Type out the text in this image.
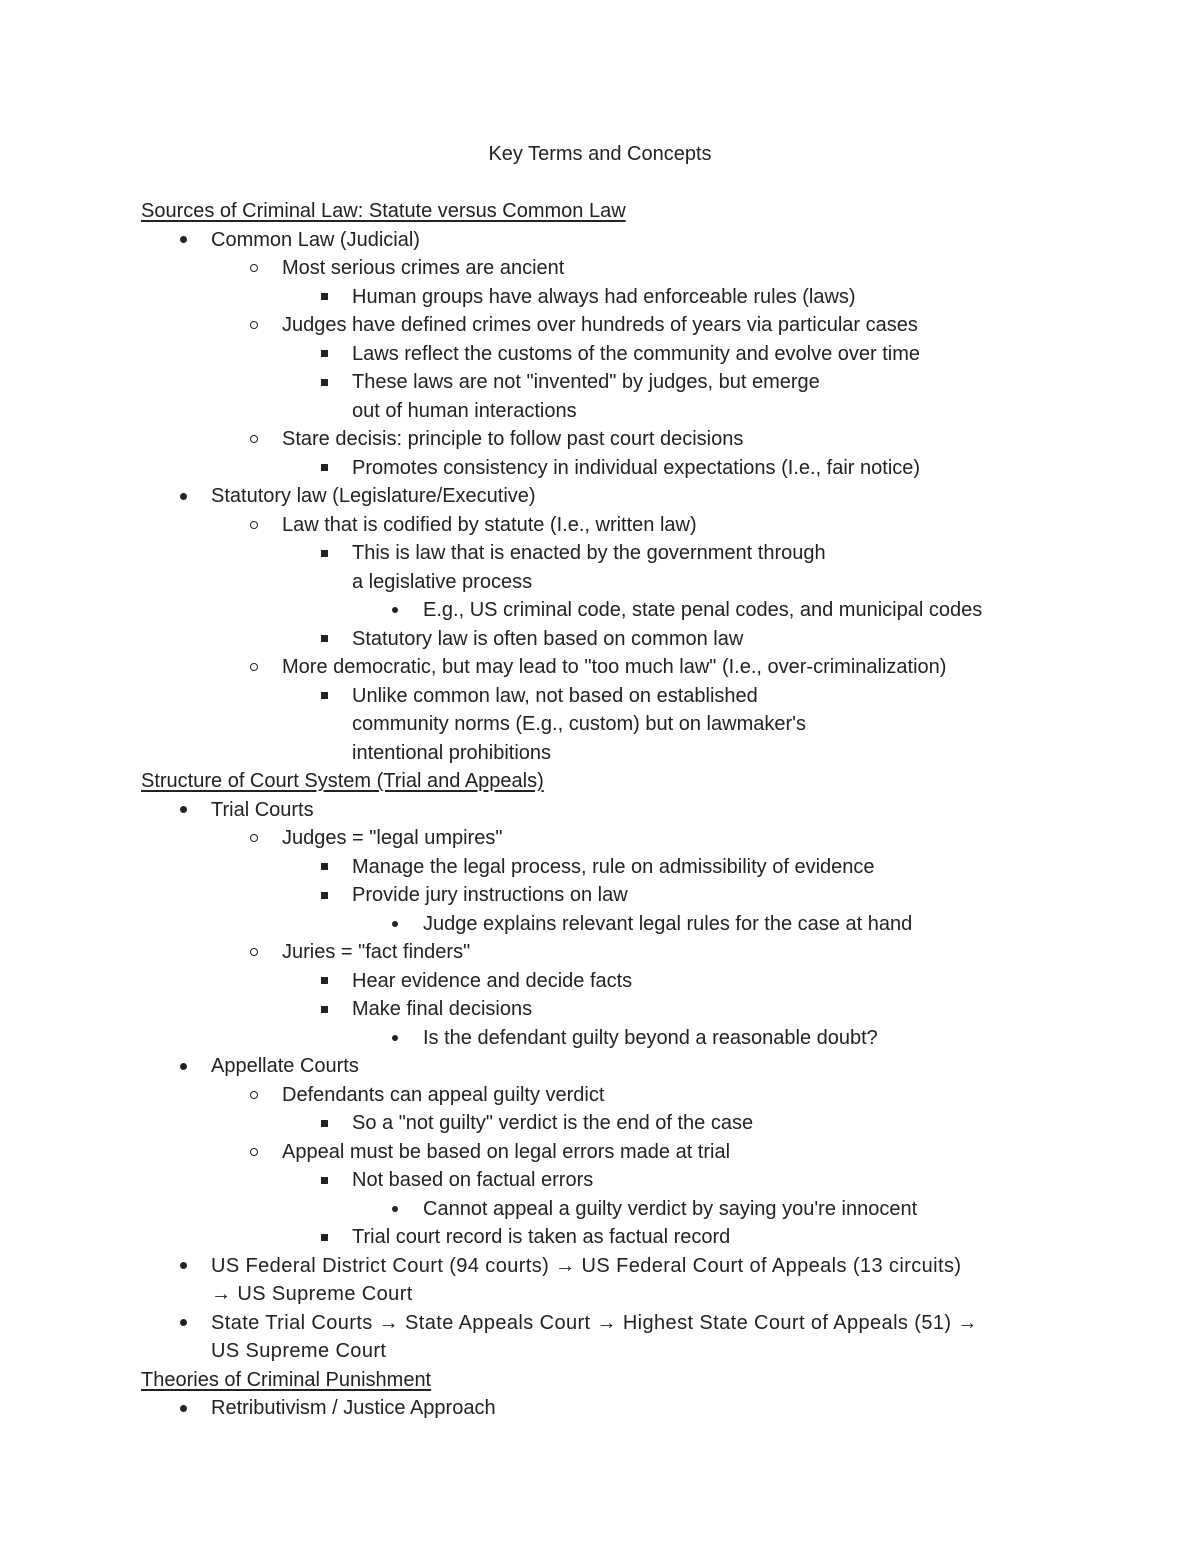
Key Terms and Concepts
Sources of Criminal Law: Statute versus Common Law
Common Law (Judicial)
Most serious crimes are ancient
Human groups have always had enforceable rules (laws)
Judges have defined crimes over hundreds of years via particular cases
Laws reflect the customs of the community and evolve over time
These laws are not "invented" by judges, but emerge out of human interactions
Stare decisis: principle to follow past court decisions
Promotes consistency in individual expectations (I.e., fair notice)
Statutory law (Legislature/Executive)
Law that is codified by statute (I.e., written law)
This is law that is enacted by the government through a legislative process
E.g., US criminal code, state penal codes, and municipal codes
Statutory law is often based on common law
More democratic, but may lead to "too much law" (I.e., over-criminalization)
Unlike common law, not based on established community norms (E.g., custom) but on lawmaker's intentional prohibitions
Structure of Court System (Trial and Appeals)
Trial Courts
Judges = "legal umpires"
Manage the legal process, rule on admissibility of evidence
Provide jury instructions on law
Judge explains relevant legal rules for the case at hand
Juries = "fact finders"
Hear evidence and decide facts
Make final decisions
Is the defendant guilty beyond a reasonable doubt?
Appellate Courts
Defendants can appeal guilty verdict
So a "not guilty" verdict is the end of the case
Appeal must be based on legal errors made at trial
Not based on factual errors
Cannot appeal a guilty verdict by saying you're innocent
Trial court record is taken as factual record
US Federal District Court (94 courts) → US Federal Court of Appeals (13 circuits) → US Supreme Court
State Trial Courts → State Appeals Court → Highest State Court of Appeals (51) → US Supreme Court
Theories of Criminal Punishment
Retributivism / Justice Approach
